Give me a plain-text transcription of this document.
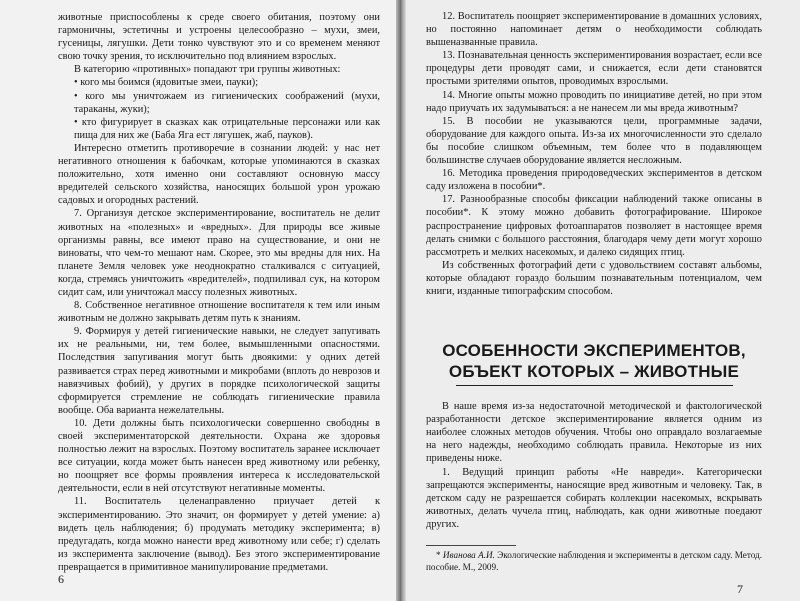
животные приспособлены к среде своего обитания, поэтому они гармоничны, эстетичны и устроены целесообразно – мухи, змеи, гусеницы, лягушки. Дети тонко чувствуют это и со временем меняют свою точку зрения, то исключительно под влиянием взрослых.

В категорию «противных» попадают три группы животных:

• кого мы боимся (ядовитые змеи, пауки);

• кого мы уничтожаем из гигиенических соображений (мухи, тараканы, жуки);

• кто фигурирует в сказках как отрицательные персонажи или как пища для них же (Баба Яга ест лягушек, жаб, пауков).

Интересно отметить противоречие в сознании людей: у нас нет негативного отношения к бабочкам, которые упоминаются в сказках положительно, хотя именно они составляют основную массу вредителей сельского хозяйства, наносящих большой урон урожаю садовых и огородных растений.

7. Организуя детское экспериментирование, воспитатель не делит животных на «полезных» и «вредных». Для природы все живые организмы равны, все имеют право на существование, и они не виноваты, что чем-то мешают нам. Скорее, это мы вредны для них. На планете Земля человек уже неоднократно сталкивался с ситуацией, когда, стремясь уничтожить «вредителей», подпиливал сук, на котором сидит сам, или уничтожал массу полезных животных.

8. Собственное негативное отношение воспитателя к тем или иным животным не должно закрывать детям путь к знаниям.

9. Формируя у детей гигиенические навыки, не следует запугивать их не реальными, ни, тем более, вымышленными опасностями. Последствия запугивания могут быть двоякими: у одних детей развивается страх перед животными и микробами (вплоть до неврозов и навязчивых фобий), у других в порядке психологической защиты сформируется стремление не соблюдать гигиенические правила вообще. Оба варианта нежелательны.

10. Дети должны быть психологически совершенно свободны в своей экспериментаторской деятельности. Охрана же здоровья полностью лежит на взрослых. Поэтому воспитатель заранее исключает все ситуации, когда может быть нанесен вред животному или ребенку, но поощряет все формы проявления интереса к исследовательской деятельности, если в ней отсутствуют негативные моменты.

11. Воспитатель целенаправленно приучает детей к экспериментированию. Это значит, он формирует у детей умение: а) видеть цель наблюдения; б) продумать методику эксперимента; в) предугадать, когда можно нанести вред животному или себе; г) сделать из эксперимента заключение (вывод). Без этого экспериментирование превращается в примитивное манипулирование предметами.

6

12. Воспитатель поощряет экспериментирование в домашних условиях, но постоянно напоминает детям о необходимости соблюдать вышеназванные правила.

13. Познавательная ценность экспериментирования возрастает, если все процедуры дети проводят сами, и снижается, если дети становятся простыми зрителями опытов, проводимых взрослыми.

14. Многие опыты можно проводить по инициативе детей, но при этом надо приучать их задумываться: а не нанесем ли мы вреда животным?

15. В пособии не указываются цели, программные задачи, оборудование для каждого опыта. Из-за их многочисленности это сделало бы пособие слишком объемным, тем более что в подавляющем большинстве случаев оборудование является несложным.

16. Методика проведения природоведческих экспериментов в детском саду изложена в пособии*.

17. Разнообразные способы фиксации наблюдений также описаны в пособии*. К этому можно добавить фотографирование. Широкое распространение цифровых фотоаппаратов позволяет в настоящее время делать снимки с большого расстояния, благодаря чему дети могут хорошо рассмотреть и мелких насекомых, и далеко сидящих птиц.

Из собственных фотографий дети с удовольствием составят альбомы, которые обладают гораздо большим познавательным потенциалом, чем книги, изданные типографским способом.

ОСОБЕННОСТИ ЭКСПЕРИМЕНТОВ,
ОБЪЕКТ КОТОРЫХ – ЖИВОТНЫЕ

В наше время из-за недостаточной методической и фактологической разработанности детское экспериментирование является одним из наиболее сложных методов обучения. Чтобы оно оправдало возлагаемые на него надежды, необходимо соблюдать правила. Некоторые из них приведены ниже.

1. Ведущий принцип работы «Не навреди». Категорически запрещаются эксперименты, наносящие вред животным и человеку. Так, в детском саду не разрешается собирать коллекции насекомых, вскрывать животных, делать чучела птиц, наблюдать, как одни животные поедают других.

* Иванова А.И. Экологические наблюдения и эксперименты в детском саду. Метод. пособие. М., 2009.

7
